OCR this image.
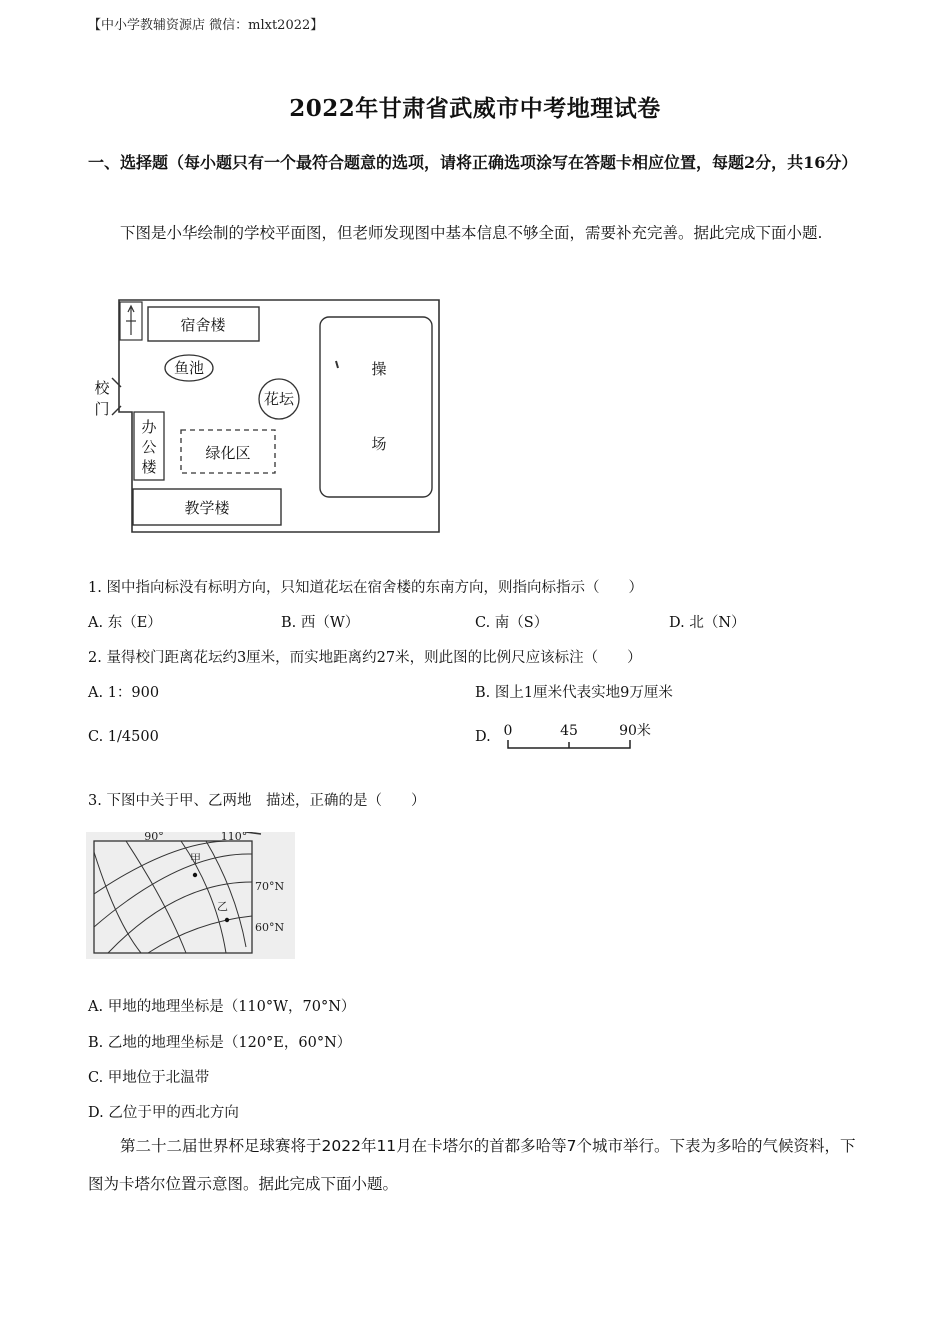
【中小学教辅资源店 微信：mlxt2022】
2022年甘肃省武威市中考地理试卷
一、选择题（每小题只有一个最符合题意的选项，请将正确选项涂写在答题卡相应位置，每题2分，共16分）
下图是小华绘制的学校平面图，但老师发现图中基本信息不够全面，需要补充完善。据此完成下面小题.
宿舍楼
鱼池
花坛
校
门
办
公
楼
绿化区
教学楼
操
场
1. 图中指向标没有标明方向，只知道花坛在宿舍楼的东南方向，则指向标指示（　　）
A. 东（E）	B. 西（W）	C. 南（S）	D. 北（N）
2. 量得校门距离花坛约3厘米，而实地距离约27米，则此图的比例尺应该标注（　　）
A. 1：900	B. 图上1厘米代表实地9万厘米
C. 1/4500	D. 0	45	90米
3. 下图中关于甲、乙两地　描述，正确的是（　　）
90°	110°
70°N
60°N
甲
乙
A. 甲地的地理坐标是（110°W，70°N）
B. 乙地的地理坐标是（120°E，60°N）
C. 甲地位于北温带
D. 乙位于甲的西北方向
第二十二届世界杯足球赛将于2022年11月在卡塔尔的首都多哈等7个城市举行。下表为多哈的气候资料，下图为卡塔尔位置示意图。据此完成下面小题。
